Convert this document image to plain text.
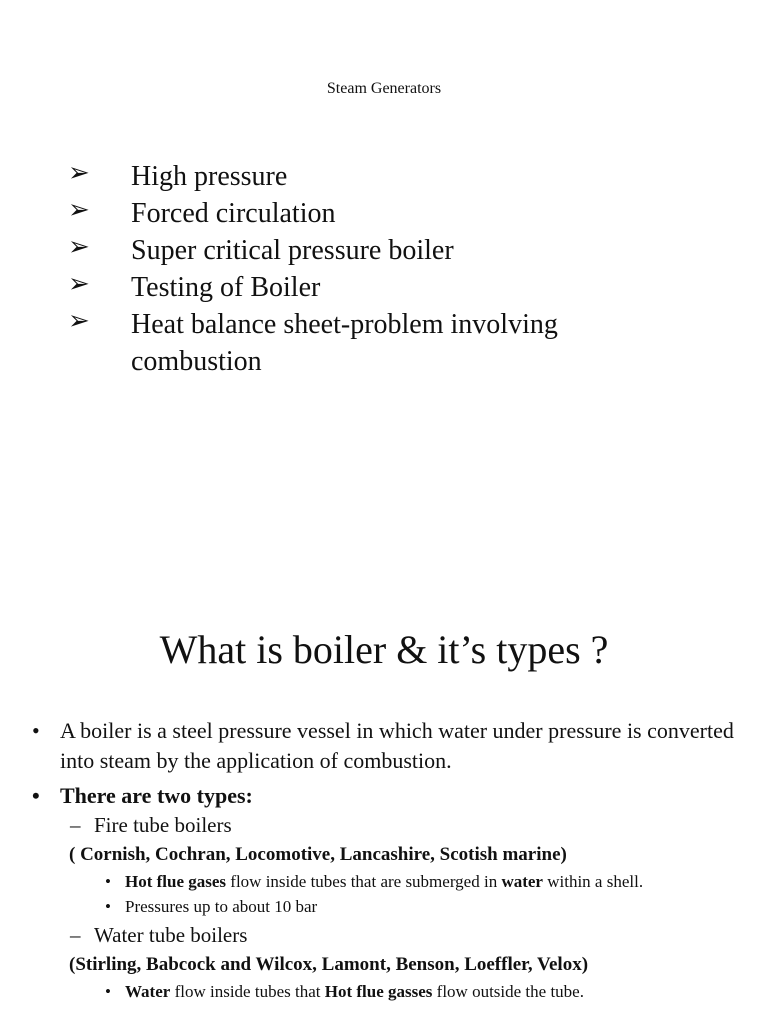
Steam Generators
➢	High pressure
➢	Forced circulation
➢	Super critical pressure boiler
➢	Testing of Boiler
➢	Heat balance sheet-problem involving combustion
What is boiler & it’s types ?
• A boiler is a steel pressure vessel in which water under pressure is converted into steam by the application of combustion.
• There are two types:
– Fire tube boilers
( Cornish, Cochran, Locomotive, Lancashire, Scotish marine)
• Hot flue gases flow inside tubes that are submerged in water within a shell.
• Pressures up to about 10 bar
– Water tube boilers
(Stirling, Babcock and Wilcox, Lamont, Benson, Loeffler, Velox)
• Water flow inside tubes that Hot flue gasses flow outside the tube.
